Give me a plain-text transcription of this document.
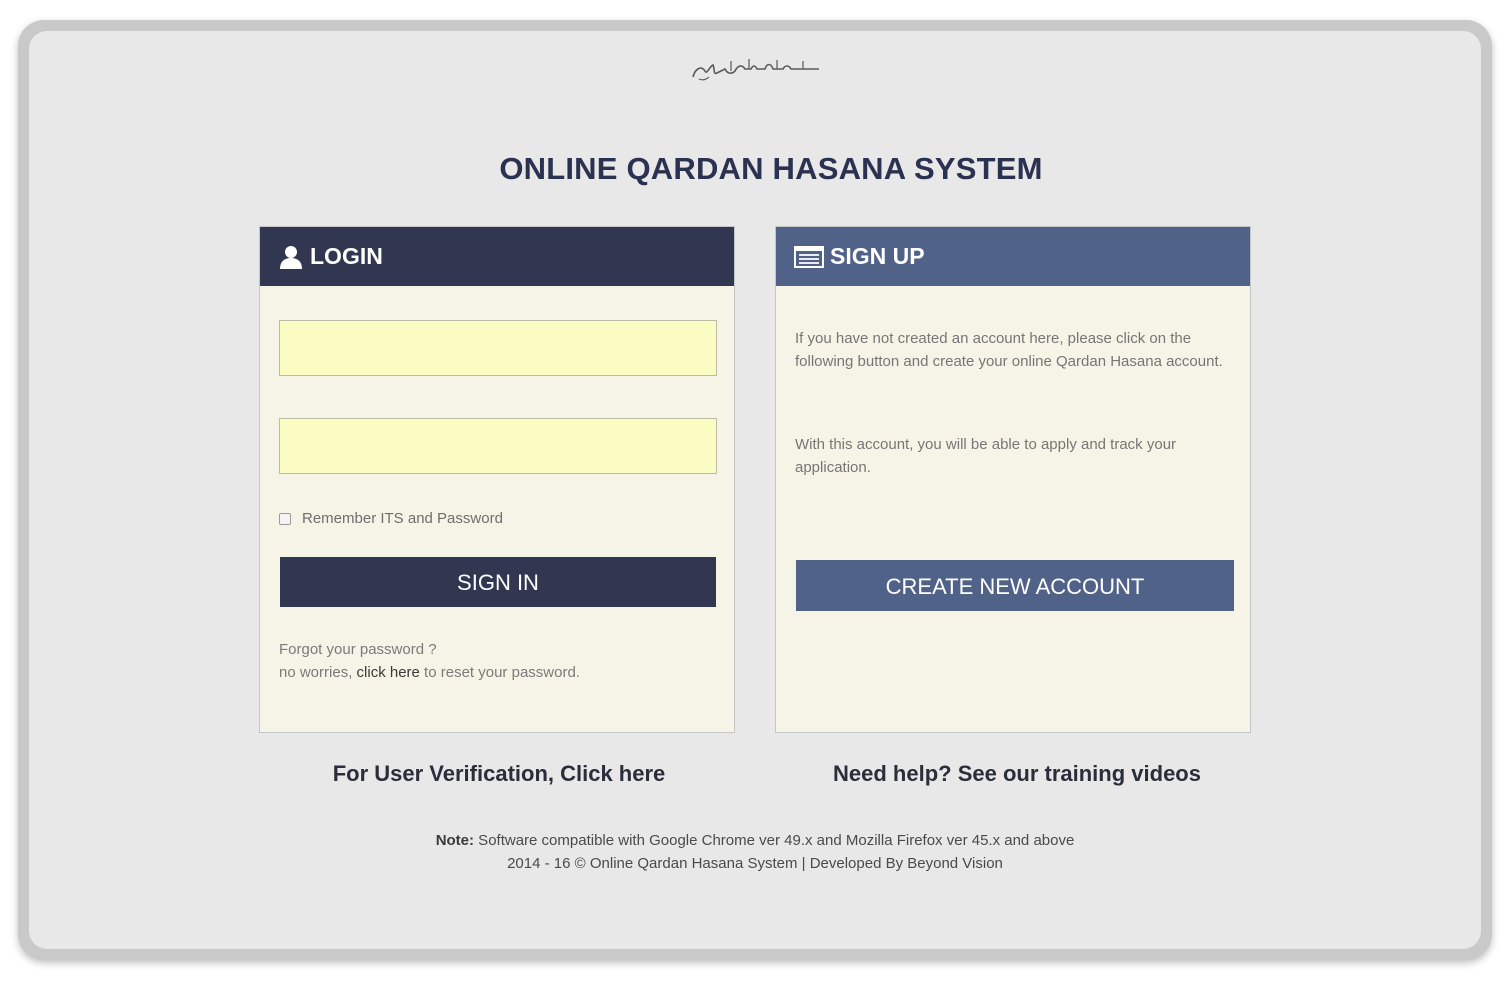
ONLINE QARDAN HASANA SYSTEM
LOGIN
Remember ITS and Password
SIGN IN
Forgot your password ?
no worries, click here to reset your password.
SIGN UP
If you have not created an account here, please click on the following button and create your online Qardan Hasana account.
With this account, you will be able to apply and track your application.
CREATE NEW ACCOUNT
For User Verification, Click here	Need help? See our training videos
Note: Software compatible with Google Chrome ver 49.x and Mozilla Firefox ver 45.x and above
2014 - 16 © Online Qardan Hasana System | Developed By Beyond Vision
